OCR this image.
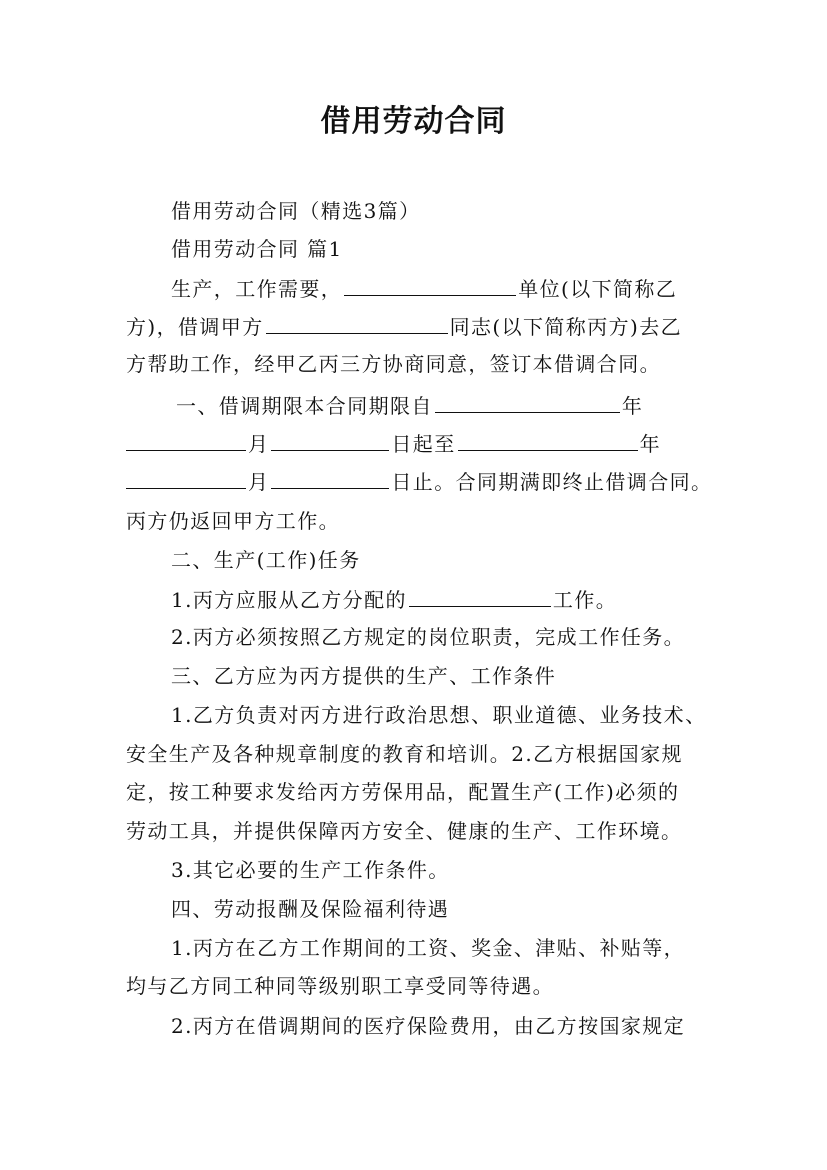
借用劳动合同
借用劳动合同（精选3篇）
借用劳动合同 篇1
生产，工作需要，	单位(以下简称乙
方)，借调甲方	同志(以下简称丙方)去乙
方帮助工作，经甲乙丙三方协商同意，签订本借调合同。
一、借调期限本合同期限自	年
月	日起至	年
月	日止。合同期满即终止借调合同。
丙方仍返回甲方工作。
二、生产(工作)任务
1.丙方应服从乙方分配的	工作。
2.丙方必须按照乙方规定的岗位职责，完成工作任务。
三、乙方应为丙方提供的生产、工作条件
1.乙方负责对丙方进行政治思想、职业道德、业务技术、
安全生产及各种规章制度的教育和培训。2.乙方根据国家规
定，按工种要求发给丙方劳保用品，配置生产(工作)必须的
劳动工具，并提供保障丙方安全、健康的生产、工作环境。
3.其它必要的生产工作条件。
四、劳动报酬及保险福利待遇
1.丙方在乙方工作期间的工资、奖金、津贴、补贴等，
均与乙方同工种同等级别职工享受同等待遇。
2.丙方在借调期间的医疗保险费用，由乙方按国家规定
